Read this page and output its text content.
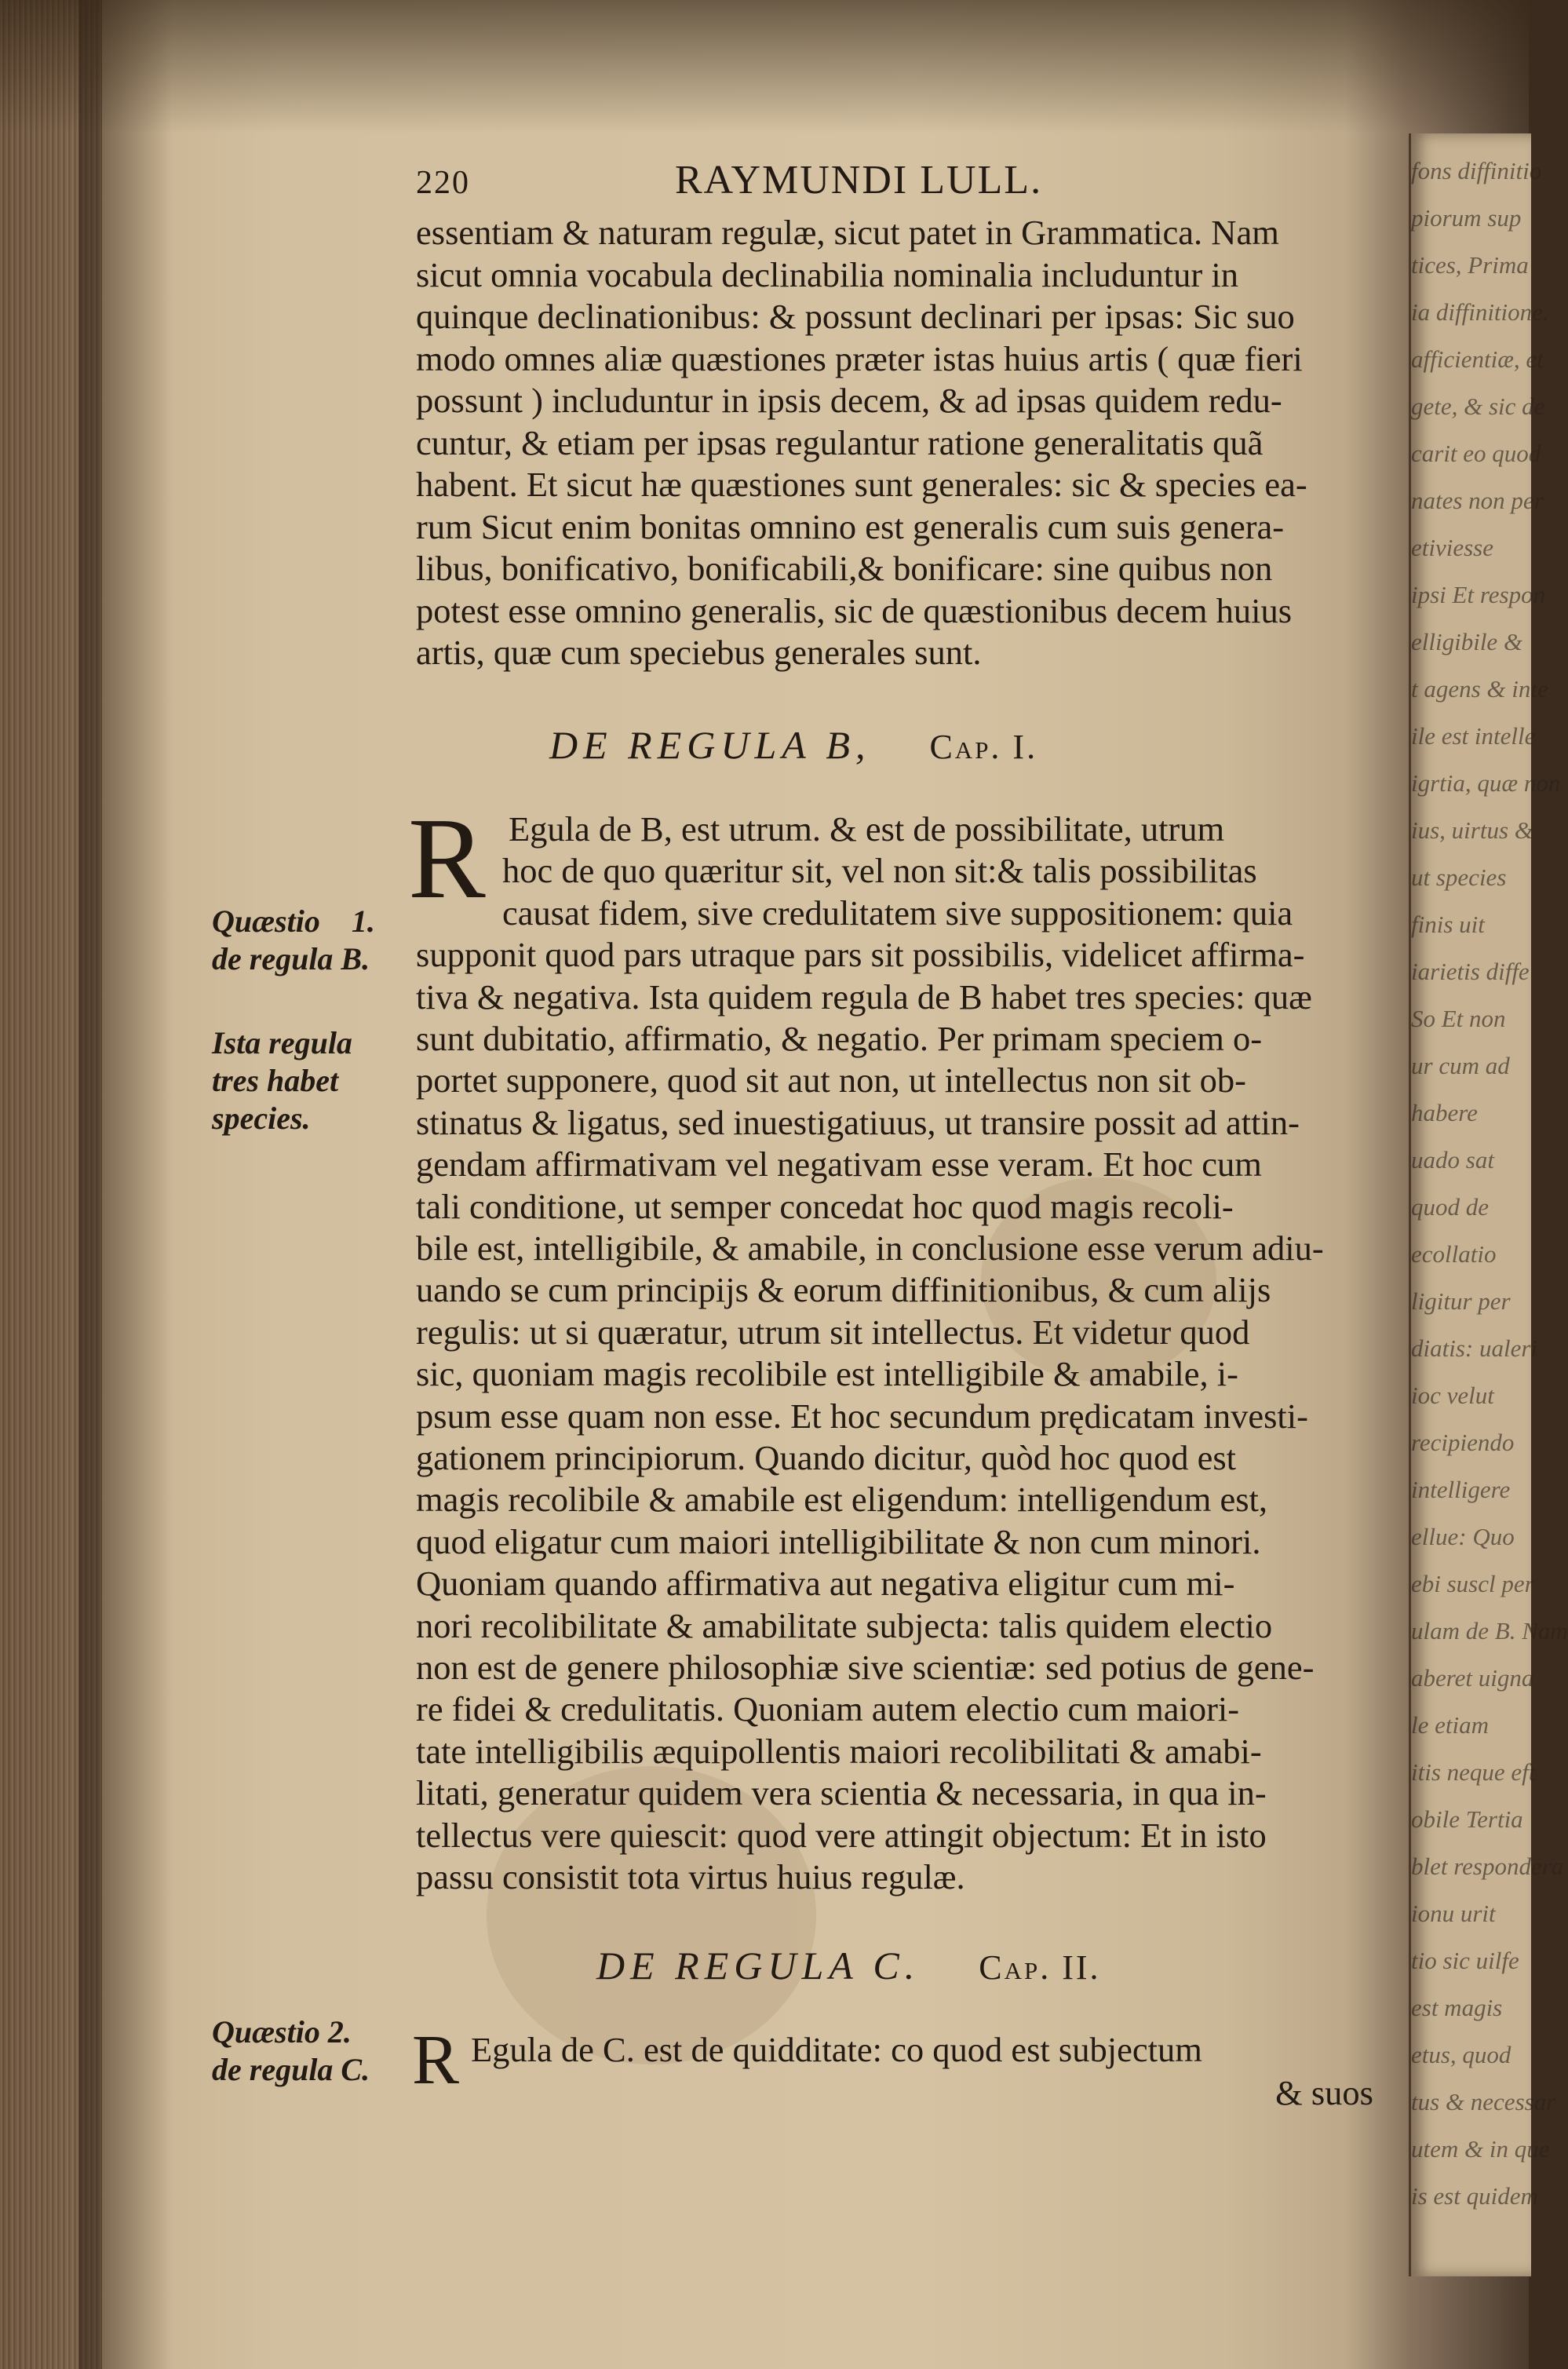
fons diffinitio
piorum sup
tices, Prima
ia diffinitione.
afficientiæ, et
gete, & sic de
carit eo quod
nates non per
etiviesse
ipsi Et respon
elligibile &
t agens & inte
ile est intelle
igrtia, quæ non
ius, uirtus &
ut species
finis uit
iarietis diffe
So Et non
ur cum ad
habere
uado sat
quod de
ecollatio
ligitur per
diatis: ualeri
ioc velut
recipiendo
intelligere
ellue: Quo
ebi suscl per
ulam de B. Nam
aberet uigna
le etiam
itis neque eft
obile Tertia
blet respondera
ionu urit
tio sic uilfe
est magis
etus, quod
tus & necessar
utem & in que
is est quidem
220	RAYMUNDI LULL.
essentiam & naturam regulæ, sicut patet in Grammatica. Nam
sicut omnia vocabula declinabilia nominalia includuntur in
quinque declinationibus: & possunt declinari per ipsas: Sic suo
modo omnes aliæ quæstiones præter istas huius artis ( quæ fieri
possunt ) includuntur in ipsis decem, & ad ipsas quidem redu-
cuntur, & etiam per ipsas regulantur ratione generalitatis quã
habent. Et sicut hæ quæstiones sunt generales: sic & species ea-
rum Sicut enim bonitas omnino est generalis cum suis genera-
libus, bonificativo, bonificabili,& bonificare: sine quibus non
potest esse omnino generalis, sic de quæstionibus decem huius
artis, quæ cum speciebus generales sunt.
DE REGULA B, Cap. I.
R Egula de B, est utrum. & est de possibilitate, utrum
hoc de quo quæritur sit, vel non sit:& talis possibilitas
causat fidem, sive credulitatem sive suppositionem: quia
supponit quod pars utraque pars sit possibilis, videlicet affirma-
tiva & negativa. Ista quidem regula de B habet tres species: quæ
sunt dubitatio, affirmatio, & negatio. Per primam speciem o-
portet supponere, quod sit aut non, ut intellectus non sit ob-
stinatus & ligatus, sed inuestigatiuus, ut transire possit ad attin-
gendam affirmativam vel negativam esse veram. Et hoc cum
tali conditione, ut semper concedat hoc quod magis recoli-
bile est, intelligibile, & amabile, in conclusione esse verum adiu-
uando se cum principijs & eorum diffinitionibus, & cum alijs
regulis: ut si quæratur, utrum sit intellectus. Et videtur quod
sic, quoniam magis recolibile est intelligibile & amabile, i-
psum esse quam non esse. Et hoc secundum prędicatam investi-
gationem principiorum. Quando dicitur, quòd hoc quod est
magis recolibile & amabile est eligendum: intelligendum est,
quod eligatur cum maiori intelligibilitate & non cum minori.
Quoniam quando affirmativa aut negativa eligitur cum mi-
nori recolibilitate & amabilitate subjecta: talis quidem electio
non est de genere philosophiæ sive scientiæ: sed potius de gene-
re fidei & credulitatis. Quoniam autem electio cum maiori-
tate intelligibilis æquipollentis maiori recolibilitati & amabi-
litati, generatur quidem vera scientia & necessaria, in qua in-
tellectus vere quiescit: quod vere attingit objectum: Et in isto
passu consistit tota virtus huius regulæ.
Quæstio 1.
de regula B.
Ista regula
tres habet
species.
DE REGULA C. Cap. II.
Quæstio 2.
de regula C. R Egula de C. est de quidditate: co quod est subjectum
& suos
